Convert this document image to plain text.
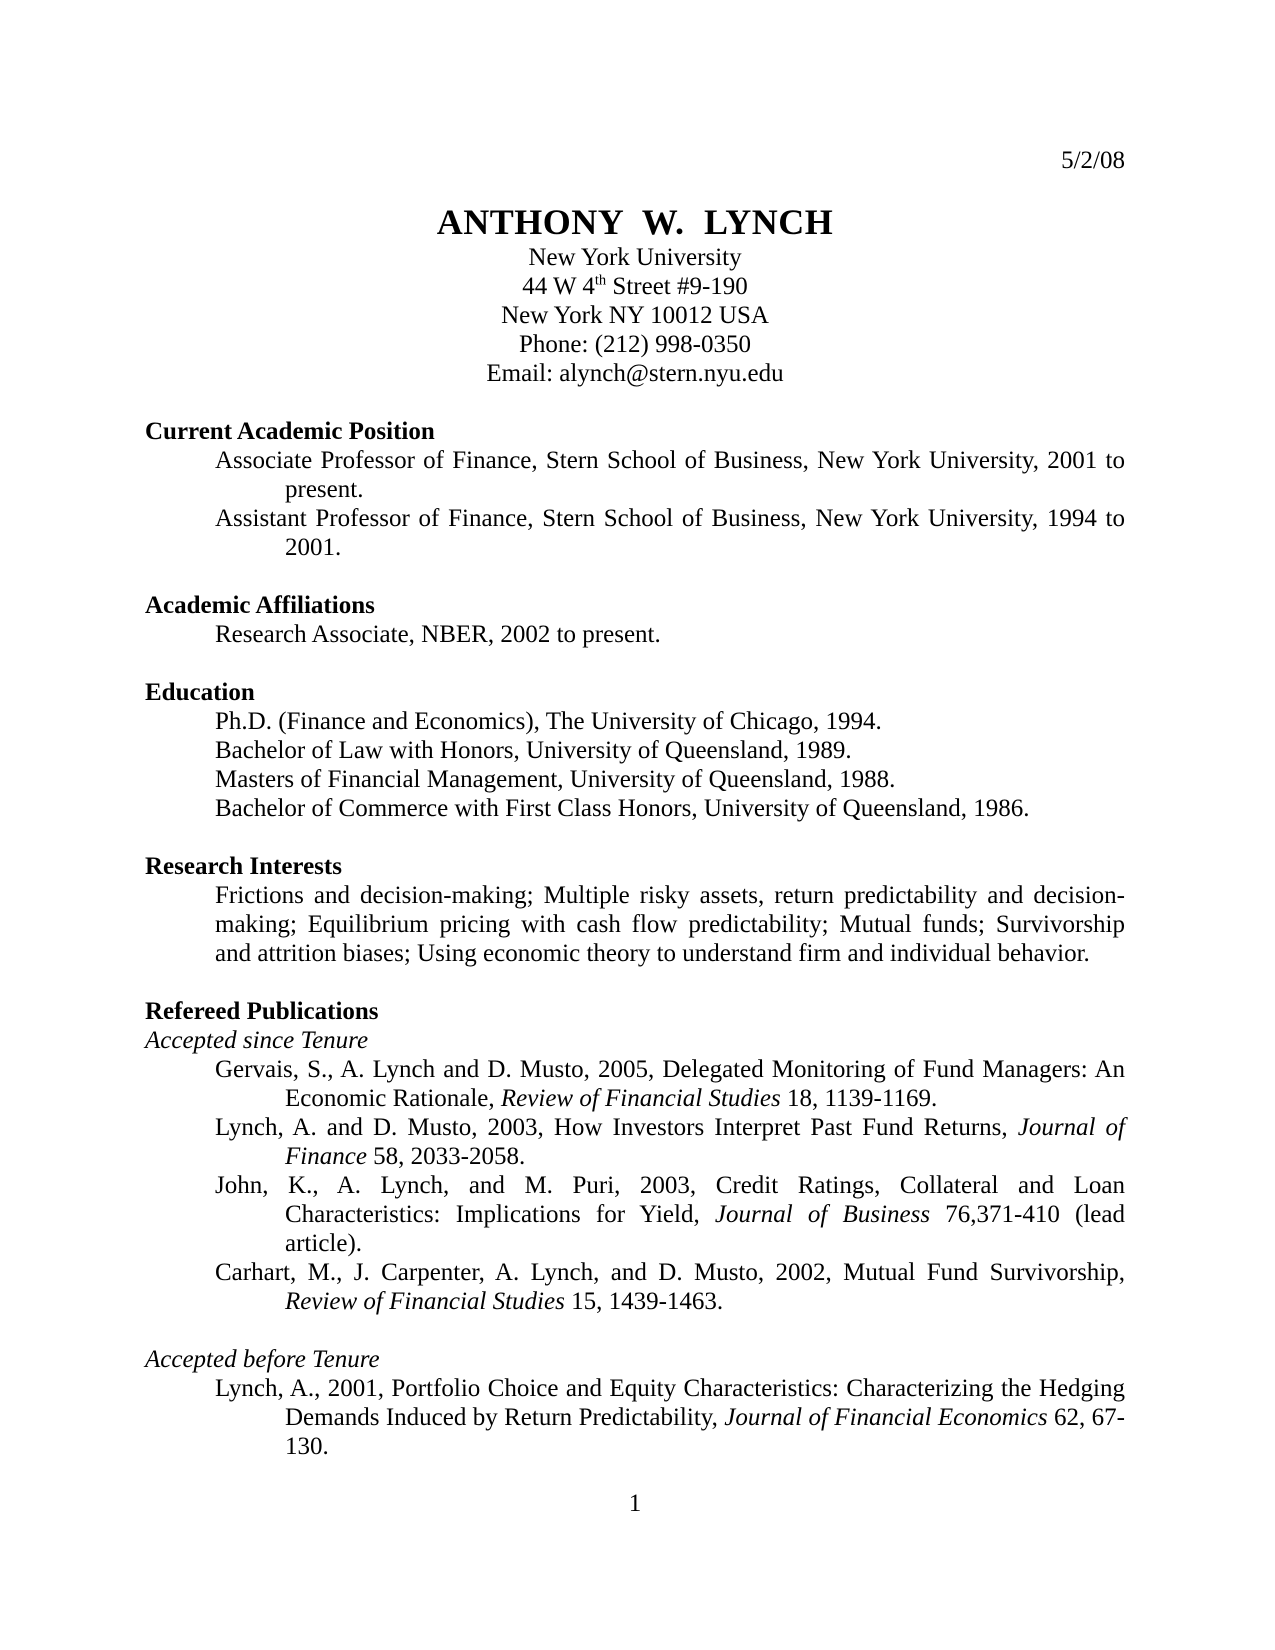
5/2/08
ANTHONY W. LYNCH
New York University
44 W 4th Street #9-190
New York NY 10012 USA
Phone: (212) 998-0350
Email: alynch@stern.nyu.edu
Current Academic Position

Associate Professor of Finance, Stern School of Business, New York University, 2001 to present.

Assistant Professor of Finance, Stern School of Business, New York University, 1994 to 2001.

Academic Affiliations

Research Associate, NBER, 2002 to present.

Education

Ph.D. (Finance and Economics), The University of Chicago, 1994.

Bachelor of Law with Honors, University of Queensland, 1989.

Masters of Financial Management, University of Queensland, 1988.

Bachelor of Commerce with First Class Honors, University of Queensland, 1986.

Research Interests

Frictions and decision-making; Multiple risky assets, return predictability and decision-making; Equilibrium pricing with cash flow predictability; Mutual funds; Survivorship and attrition biases; Using economic theory to understand firm and individual behavior.

Refereed Publications
Accepted since Tenure

Gervais, S., A. Lynch and D. Musto, 2005, Delegated Monitoring of Fund Managers: An Economic Rationale, Review of Financial Studies 18, 1139-1169.

Lynch, A. and D. Musto, 2003, How Investors Interpret Past Fund Returns, Journal of Finance 58, 2033-2058.

John, K., A. Lynch, and M. Puri, 2003, Credit Ratings, Collateral and Loan Characteristics: Implications for Yield, Journal of Business 76,371-410 (lead article).

Carhart, M., J. Carpenter, A. Lynch, and D. Musto, 2002, Mutual Fund Survivorship, Review of Financial Studies 15, 1439-1463.

Accepted before Tenure

Lynch, A., 2001, Portfolio Choice and Equity Characteristics: Characterizing the Hedging Demands Induced by Return Predictability, Journal of Financial Economics 62, 67-130.

1
